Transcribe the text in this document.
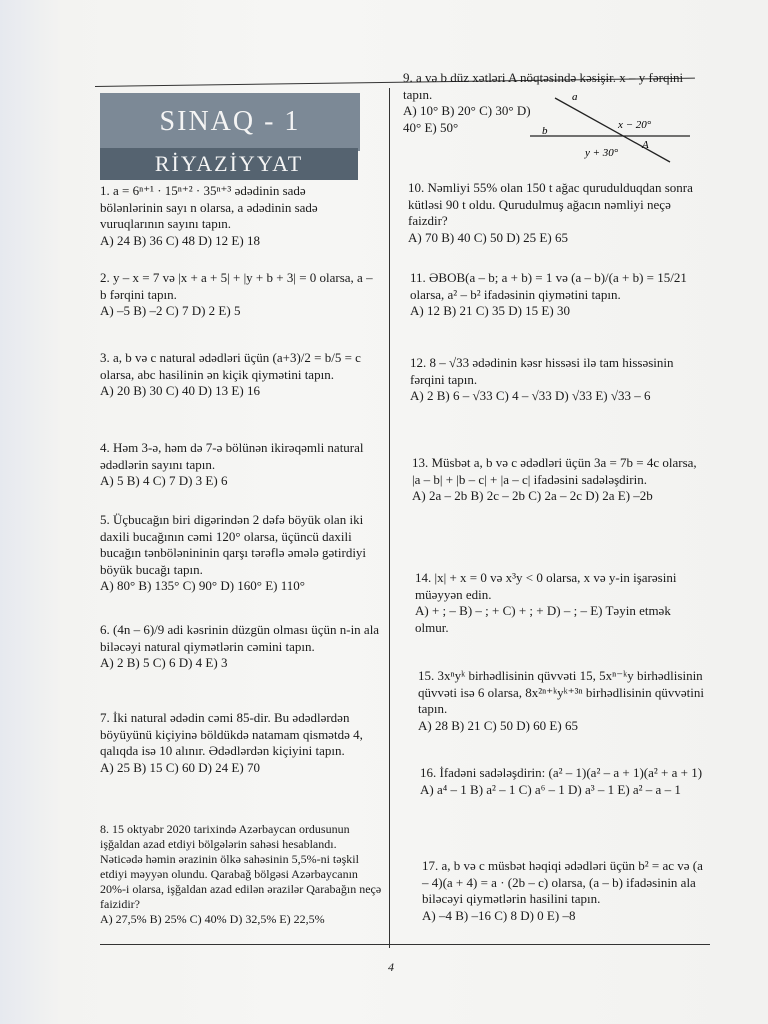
SINAQ - 1
RİYAZİYYAT
1. a = 6ⁿ⁺¹ · 15ⁿ⁺² · 35ⁿ⁺³ ədədinin sadə bölənlərinin sayı n olarsa, a ədədinin sadə vuruqlarının sayını tapın.
A) 24 B) 36 C) 48 D) 12 E) 18
2. y – x = 7 və |x + a + 5| + |y + b + 3| = 0 olarsa, a – b fərqini tapın.
A) –5 B) –2 C) 7 D) 2 E) 5
3. a, b və c natural ədədləri üçün (a+3)/2 = b/5 = c olarsa, abc hasilinin ən kiçik qiymətini tapın.
A) 20 B) 30 C) 40 D) 13 E) 16
4. Həm 3-ə, həm də 7-ə bölünən ikirəqəmli natural ədədlərin sayını tapın.
A) 5 B) 4 C) 7 D) 3 E) 6
5. Üçbucağın biri digərindən 2 dəfə böyük olan iki daxili bucağının cəmi 120° olarsa, üçüncü daxili bucağın tənbölənininin qarşı tərəflə əmələ gətirdiyi böyük bucağı tapın.
A) 80° B) 135° C) 90° D) 160° E) 110°
6. (4n – 6)/9 adi kəsrinin düzgün olması üçün n-in ala biləcəyi natural qiymətlərin cəmini tapın.
A) 2 B) 5 C) 6 D) 4 E) 3
7. İki natural ədədin cəmi 85-dir. Bu ədədlərdən böyüyünü kiçiyinə böldükdə natamam qismətdə 4, qalıqda isə 10 alınır. Ədədlərdən kiçiyini tapın.
A) 25 B) 15 C) 60 D) 24 E) 70
8. 15 oktyabr 2020 tarixində Azərbaycan ordusunun işğaldan azad etdiyi bölgələrin sahəsi hesablandı. Nəticədə həmin ərazinin ölkə sahəsinin 5,5%-ni təşkil etdiyi məyyən olundu. Qarabağ bölgəsi Azərbaycanın 20%-i olarsa, işğaldan azad edilən ərazilər Qarabağın neçə faizidir?
A) 27,5% B) 25% C) 40% D) 32,5% E) 22,5%
9. a və b düz xətləri A nöqtəsində kəsişir. x – y fərqini tapın.
A) 10° B) 20° C) 30° D) 40° E) 50°
a
b	x − 20°
y + 30°
A
10. Nəmliyi 55% olan 150 t ağac qurudulduqdan sonra kütləsi 90 t oldu. Qurudulmuş ağacın nəmliyi neçə faizdir?
A) 70 B) 40 C) 50 D) 25 E) 65
11. ƏBOB(a – b; a + b) = 1 və (a – b)/(a + b) = 15/21 olarsa, a² – b² ifadəsinin qiymətini tapın.
A) 12 B) 21 C) 35 D) 15 E) 30
12. 8 – √33 ədədinin kəsr hissəsi ilə tam hissəsinin fərqini tapın.
A) 2 B) 6 – √33 C) 4 – √33 D) √33 E) √33 – 6
13. Müsbət a, b və c ədədləri üçün 3a = 7b = 4c olarsa, |a – b| + |b – c| + |a – c| ifadəsini sadələşdirin.
A) 2a – 2b B) 2c – 2b C) 2a – 2c D) 2a E) –2b
14. |x| + x = 0 və x³y < 0 olarsa, x və y-in işarəsini müəyyən edin.
A) + ; – B) – ; + C) + ; + D) – ; – E) Təyin etmək olmur.
15. 3xⁿyᵏ birhədlisinin qüvvəti 15, 5xⁿ⁻ᵏy birhədlisinin qüvvəti isə 6 olarsa, 8x²ⁿ⁺ᵏyᵏ⁺³ⁿ birhədlisinin qüvvətini tapın.
A) 28 B) 21 C) 50 D) 60 E) 65
16. İfadəni sadələşdirin: (a² – 1)(a² – a + 1)(a² + a + 1)
A) a⁴ – 1 B) a² – 1 C) a⁶ – 1 D) a³ – 1 E) a² – a – 1
17. a, b və c müsbət həqiqi ədədləri üçün b² = ac və (a – 4)(a + 4) = a · (2b – c) olarsa, (a – b) ifadəsinin ala biləcəyi qiymətlərin hasilini tapın.
A) –4 B) –16 C) 8 D) 0 E) –8
4
